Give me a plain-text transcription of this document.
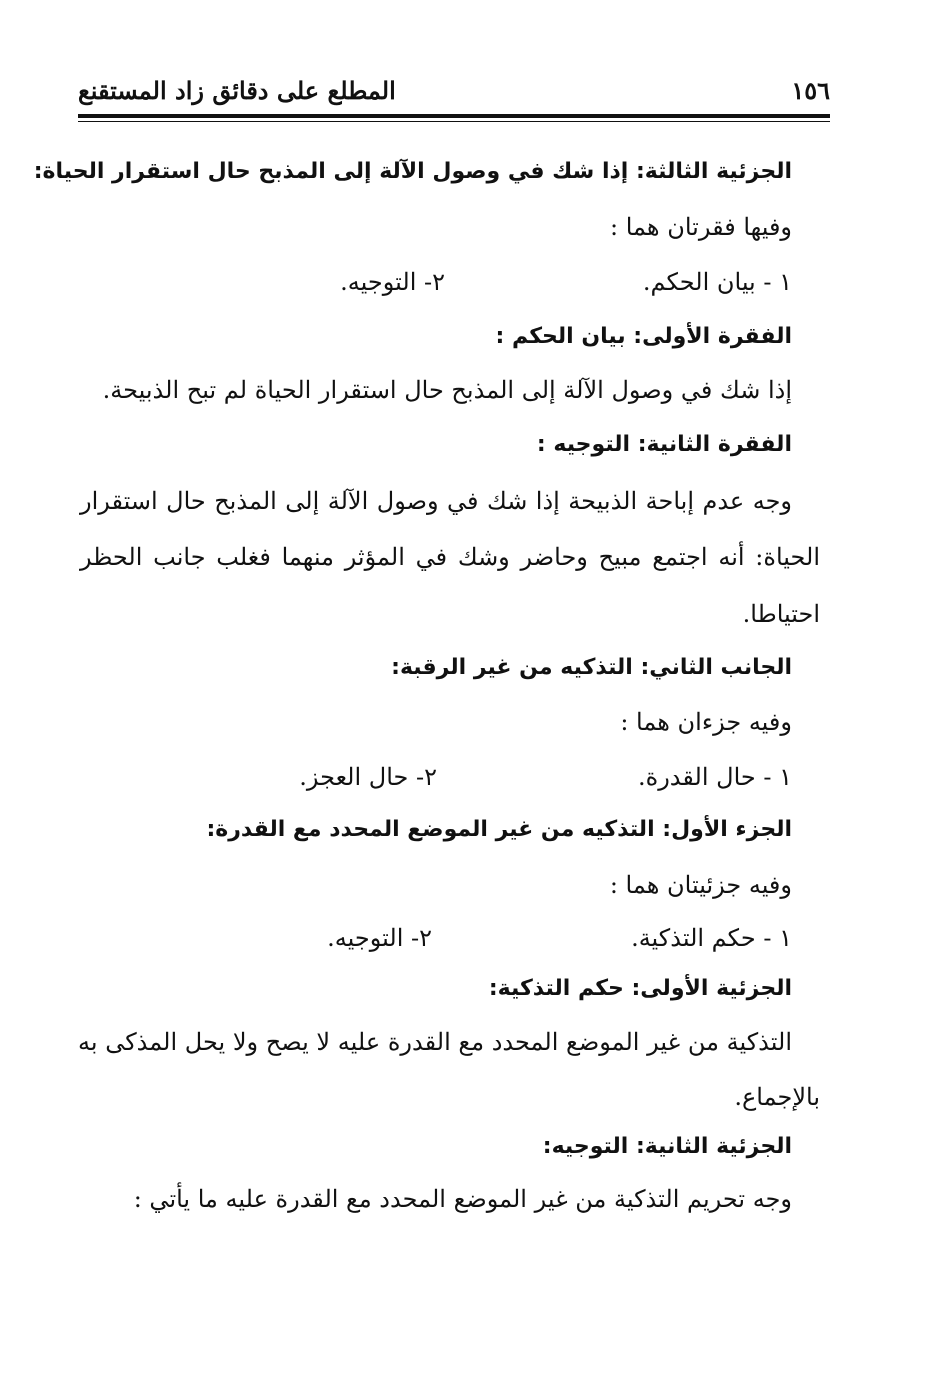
١٥٦
المطلع على دقائق زاد المستقنع
الجزئية الثالثة: إذا شك في وصول الآلة إلى المذبح حال استقرار الحياة:
وفيها فقرتان هما :
١ - بيان الحكم.
٢- التوجيه.
الفقرة الأولى: بيان الحكم :
إذا شك في وصول الآلة إلى المذبح حال استقرار الحياة لم تبح الذبيحة.
الفقرة الثانية: التوجيه :
وجه عدم إباحة الذبيحة إذا شك في وصول الآلة إلى المذبح حال استقرار
الحياة: أنه اجتمع مبيح وحاضر وشك في المؤثر منهما فغلب جانب الحظر
احتياطا.
الجانب الثاني: التذكيه من غير الرقبة:
وفيه جزءان هما :
١ - حال القدرة.
٢- حال العجز.
الجزء الأول: التذكيه من غير الموضع المحدد مع القدرة:
وفيه جزئيتان هما :
١ - حكم التذكية.
٢- التوجيه.
الجزئية الأولى: حكم التذكية:
التذكية من غير الموضع المحدد مع القدرة عليه لا يصح ولا يحل المذكى به
بالإجماع.
الجزئية الثانية: التوجيه:
وجه تحريم التذكية من غير الموضع المحدد مع القدرة عليه ما يأتي :
